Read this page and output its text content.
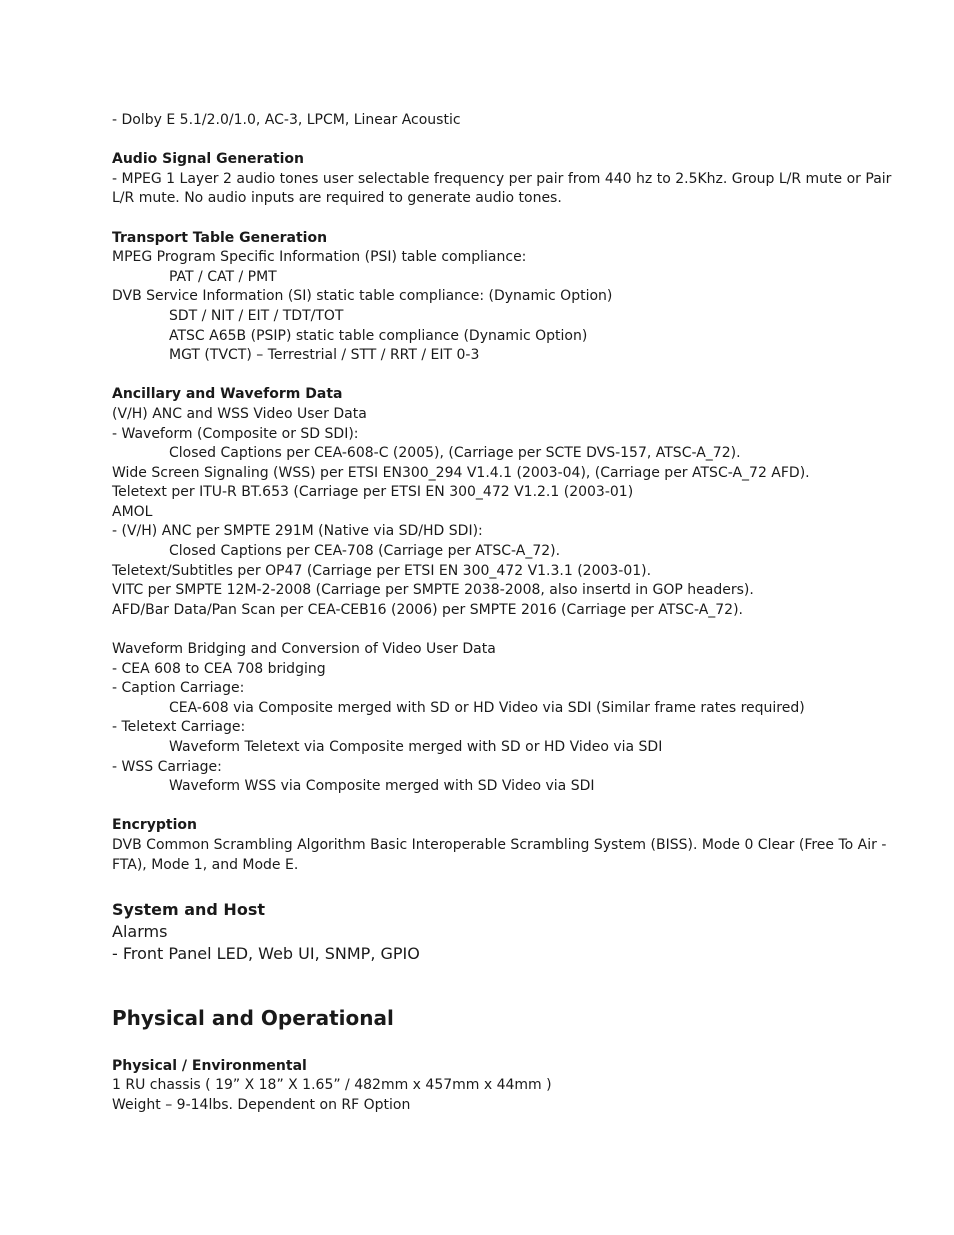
- Dolby E 5.1/2.0/1.0, AC-3, LPCM, Linear Acoustic
Audio Signal Generation
- MPEG 1 Layer 2 audio tones user selectable frequency per pair from 440 hz to 2.5Khz. Group L/R mute or Pair L/R mute. No audio inputs are required to generate audio tones.
Transport Table Generation
MPEG Program Specific Information (PSI) table compliance:
PAT / CAT / PMT
DVB Service Information (SI) static table compliance: (Dynamic Option)
SDT / NIT / EIT / TDT/TOT
ATSC A65B (PSIP) static table compliance (Dynamic Option)
MGT (TVCT) – Terrestrial / STT / RRT / EIT 0-3
Ancillary and Waveform Data
(V/H) ANC and WSS Video User Data
- Waveform (Composite or SD SDI):
Closed Captions per CEA-608-C (2005), (Carriage per SCTE DVS-157, ATSC-A_72).
Wide Screen Signaling (WSS) per ETSI EN300_294 V1.4.1 (2003-04), (Carriage per ATSC-A_72 AFD).
Teletext per ITU-R BT.653 (Carriage per ETSI EN 300_472 V1.2.1 (2003-01)
AMOL
- (V/H) ANC per SMPTE 291M (Native via SD/HD SDI):
Closed Captions per CEA-708 (Carriage per ATSC-A_72).
Teletext/Subtitles per OP47 (Carriage per ETSI EN 300_472 V1.3.1 (2003-01).
VITC per SMPTE 12M-2-2008 (Carriage per SMPTE 2038-2008, also insertd in GOP headers).
AFD/Bar Data/Pan Scan per CEA-CEB16 (2006) per SMPTE 2016 (Carriage per ATSC-A_72).
Waveform Bridging and Conversion of Video User Data
- CEA 608 to CEA 708 bridging
- Caption Carriage:
CEA-608 via Composite merged with SD or HD Video via SDI (Similar frame rates required)
- Teletext Carriage:
Waveform Teletext via Composite merged with SD or HD Video via SDI
- WSS Carriage:
Waveform WSS via Composite merged with SD Video via SDI
Encryption
DVB Common Scrambling Algorithm Basic Interoperable Scrambling System (BISS). Mode 0 Clear (Free To Air - FTA), Mode 1, and Mode E.
System and Host
Alarms
- Front Panel LED, Web UI, SNMP, GPIO
Physical and Operational
Physical / Environmental
1 RU chassis ( 19” X 18” X 1.65” / 482mm x 457mm x 44mm )
Weight – 9-14lbs. Dependent on RF Option
